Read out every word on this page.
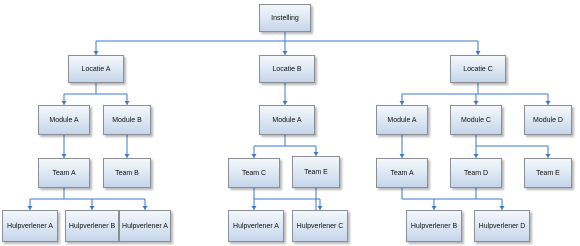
Instelling
Locatie A	Locatie B	Locatie C
Module A	Module B	Module A	Module A	Module C	Module D
Team A	Team B	Team C	Team E	Team A	Team D	Team E
Hulpverlener A	Hulpverlener B Hulpverlener A	Hulpverlener A	Hulpverlener C	Hulpverlener B	Hulpverlener D
